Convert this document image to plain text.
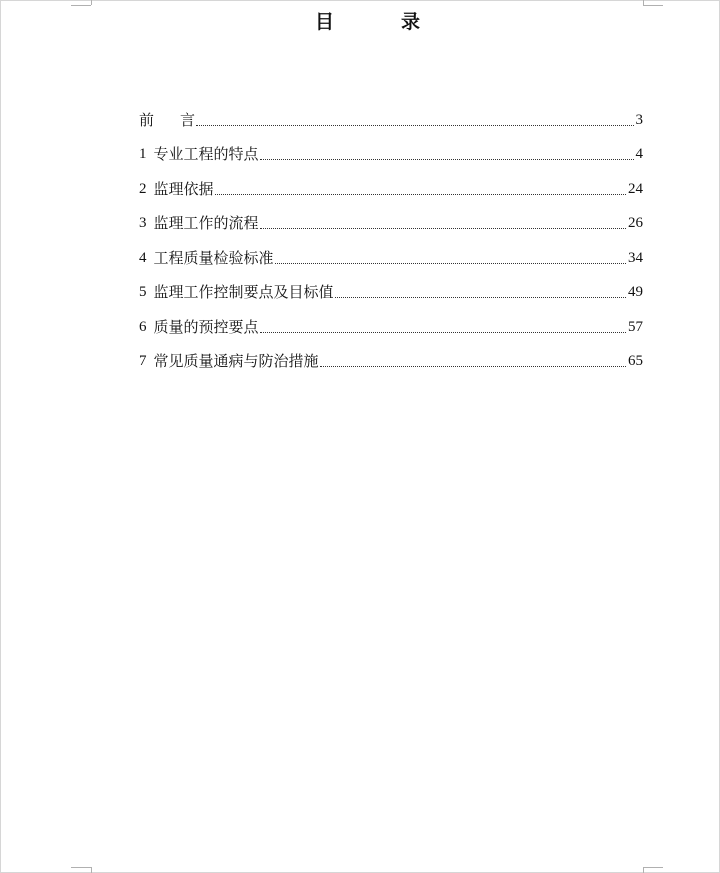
目	录
前 言	3
1 专业工程的特点	4
2 监理依据	24
3 监理工作的流程	26
4 工程质量检验标准	34
5 监理工作控制要点及目标值	49
6 质量的预控要点	57
7 常见质量通病与防治措施	65
